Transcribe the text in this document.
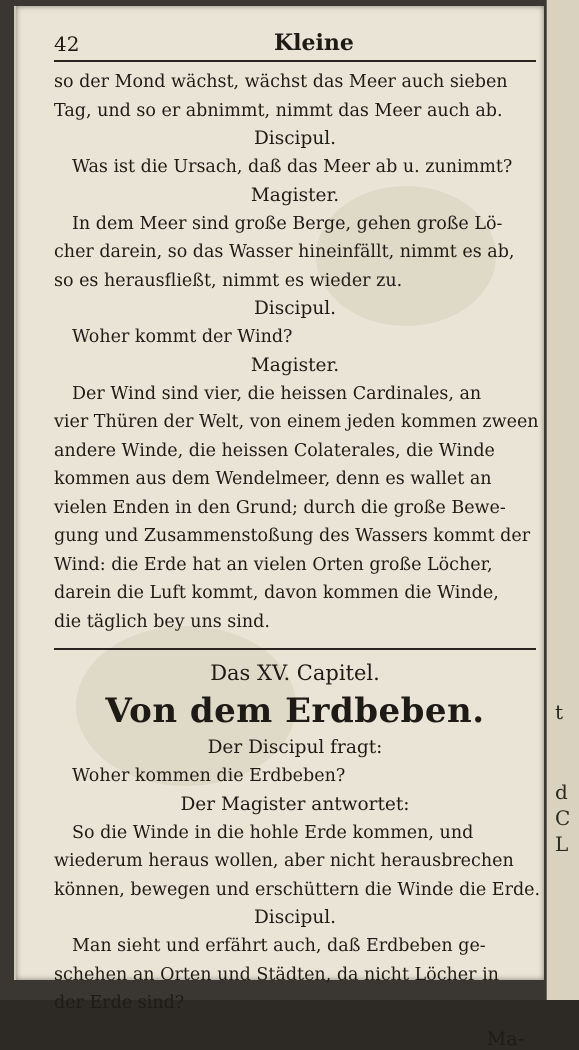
42	Kleine

so der Mond wächst, wächst das Meer auch sieben

Tag, und so er abnimmt, nimmt das Meer auch ab.

Discipul.

Was ist die Ursach, daß das Meer ab u. zunimmt?

Magister.

In dem Meer sind große Berge, gehen große Lö-

cher darein, so das Wasser hineinfällt, nimmt es ab,

so es herausfließt, nimmt es wieder zu.

Discipul.

Woher kommt der Wind?

Magister.

Der Wind sind vier, die heissen Cardinales, an

vier Thüren der Welt, von einem jeden kommen zween

andere Winde, die heissen Colaterales, die Winde

kommen aus dem Wendelmeer, denn es wallet an

vielen Enden in den Grund; durch die große Bewe-

gung und Zusammenstoßung des Wassers kommt der

Wind: die Erde hat an vielen Orten große Löcher,

darein die Luft kommt, davon kommen die Winde,

die täglich bey uns sind.

Das XV. Capitel.
Von dem Erdbeben.

Der Discipul fragt:

Woher kommen die Erdbeben?

Der Magister antwortet:

So die Winde in die hohle Erde kommen, und

wiederum heraus wollen, aber nicht herausbrechen

können, bewegen und erschüttern die Winde die Erde.

Discipul.

Man sieht und erfährt auch, daß Erdbeben ge-

schehen an Orten und Städten, da nicht Löcher in

der Erde sind?

Ma-
t
d
C
L
